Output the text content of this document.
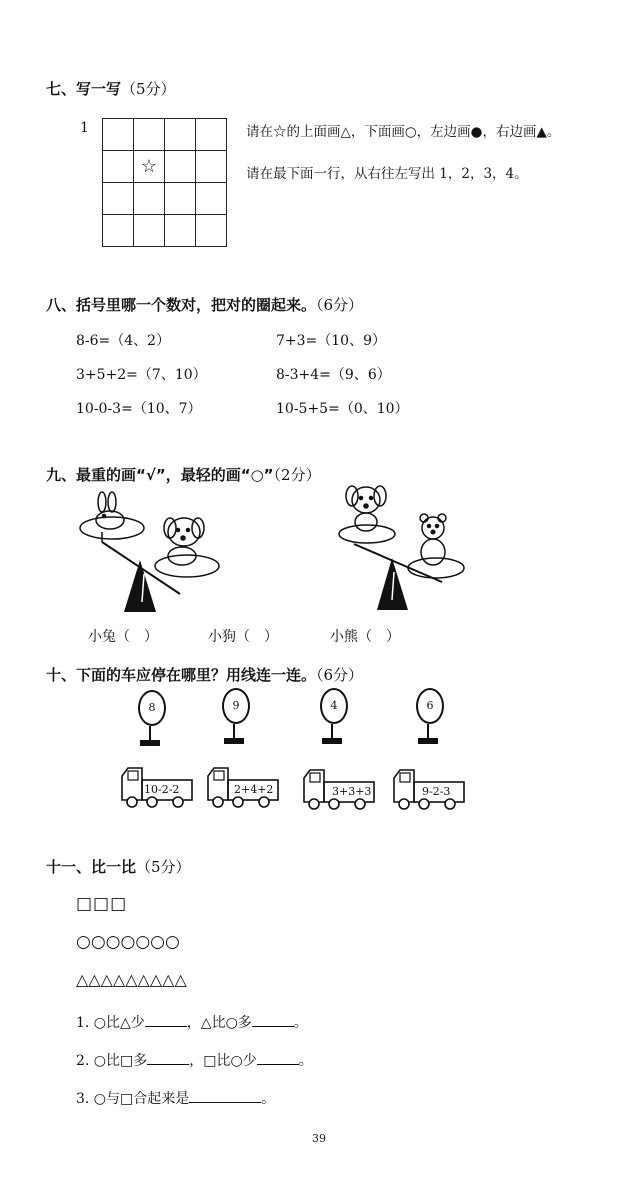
七、写一写（5分）
1

	☆		

请在☆的上面画△，下面画○，左边画●，右边画▲。
请在最下面一行，从右往左写出 1，2，3，4。
八、括号里哪一个数对，把对的圈起来。（6分）
8-6=（4、2）	7+3=（10、9）
3+5+2=（7、10）	8-3+4=（9、6）
10-0-3=（10、7）	10-5+5=（0、10）
九、最重的画“√”，最轻的画“○”（2分）
小兔（　）	小狗（　）	小熊（　）
十、下面的车应停在哪里？用线连一连。（6分）
8	9	4	6
10-2-2	2+4+2	3+3+3	9-2-3
十一、比一比（5分）
□□□
○○○○○○○
△△△△△△△△△
1. ○比△少	，△比○多	。
2. ○比□多	，□比○少	。
3. ○与□合起来是	。
39
